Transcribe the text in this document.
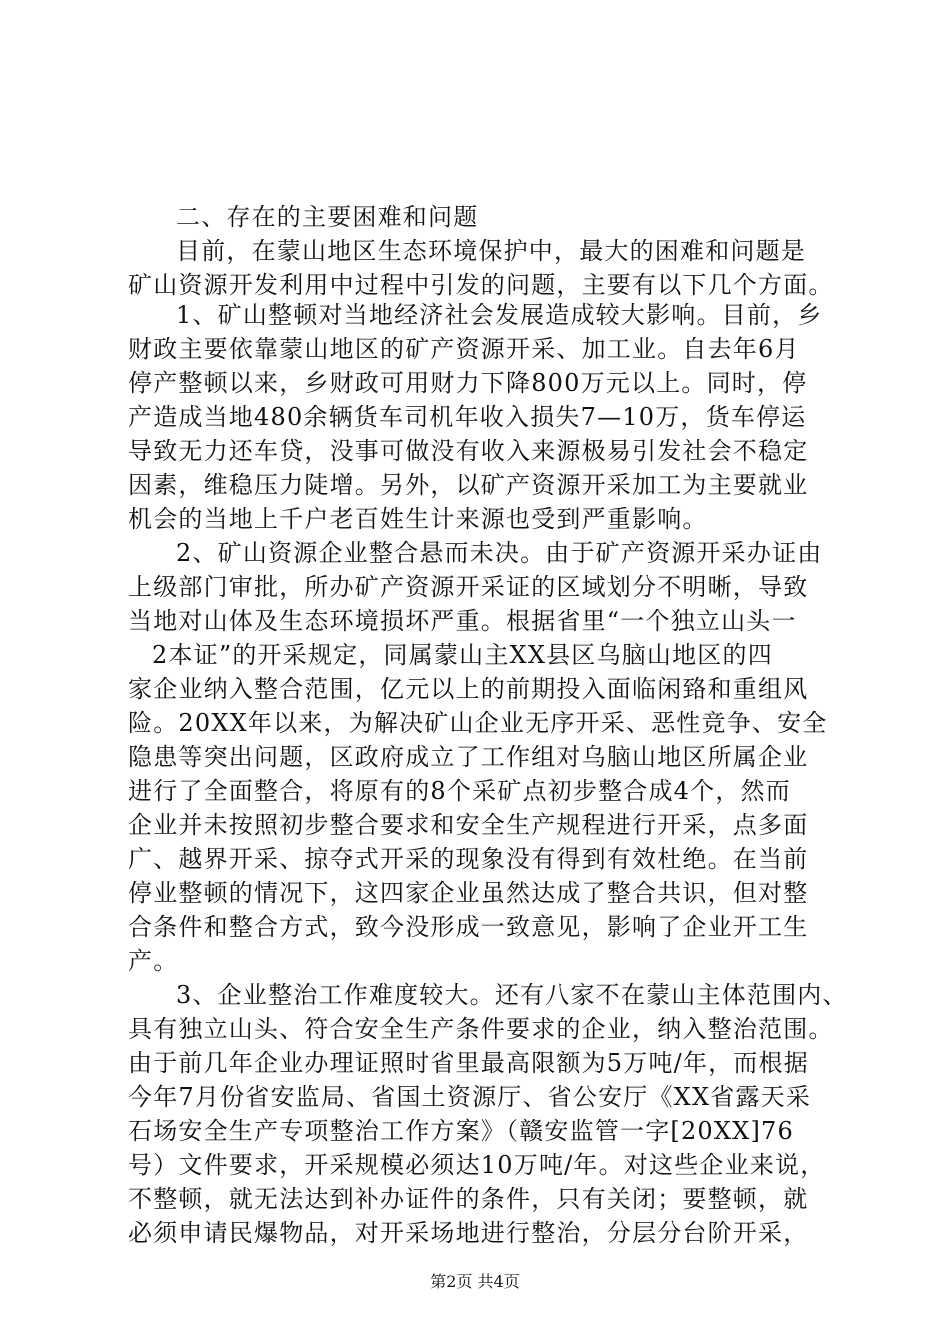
二、存在的主要困难和问题
目前，在蒙山地区生态环境保护中，最大的困难和问题是
矿山资源开发利用中过程中引发的问题，主要有以下几个方面。
1、矿山整顿对当地经济社会发展造成较大影响。目前，乡
财政主要依靠蒙山地区的矿产资源开采、加工业。自去年6月
停产整顿以来，乡财政可用财力下降800万元以上。同时，停
产造成当地480余辆货车司机年收入损失7—10万，货车停运
导致无力还车贷，没事可做没有收入来源极易引发社会不稳定
因素，维稳压力陡增。另外，以矿产资源开采加工为主要就业
机会的当地上千户老百姓生计来源也受到严重影响。
2、矿山资源企业整合悬而未决。由于矿产资源开采办证由
上级部门审批，所办矿产资源开采证的区域划分不明晰，导致
当地对山体及生态环境损坏严重。根据省里“一个独立山头一
2本证”的开采规定，同属蒙山主XX县区乌脑山地区的四
家企业纳入整合范围，亿元以上的前期投入面临闲臵和重组风
险。20XX年以来，为解决矿山企业无序开采、恶性竞争、安全
隐患等突出问题，区政府成立了工作组对乌脑山地区所属企业
进行了全面整合，将原有的8个采矿点初步整合成4个，然而
企业并未按照初步整合要求和安全生产规程进行开采，点多面
广、越界开采、掠夺式开采的现象没有得到有效杜绝。在当前
停业整顿的情况下，这四家企业虽然达成了整合共识，但对整
合条件和整合方式，致今没形成一致意见，影响了企业开工生
产。
3、企业整治工作难度较大。还有八家不在蒙山主体范围内、
具有独立山头、符合安全生产条件要求的企业，纳入整治范围。
由于前几年企业办理证照时省里最高限额为5万吨/年，而根据
今年7月份省安监局、省国土资源厅、省公安厅《XX省露天采
石场安全生产专项整治工作方案》（赣安监管一字[20XX]76
号）文件要求，开采规模必须达10万吨/年。对这些企业来说，
不整顿，就无法达到补办证件的条件，只有关闭；要整顿，就
第2页 共4页
必须申请民爆物品，对开采场地进行整治，分层分台阶开采，
